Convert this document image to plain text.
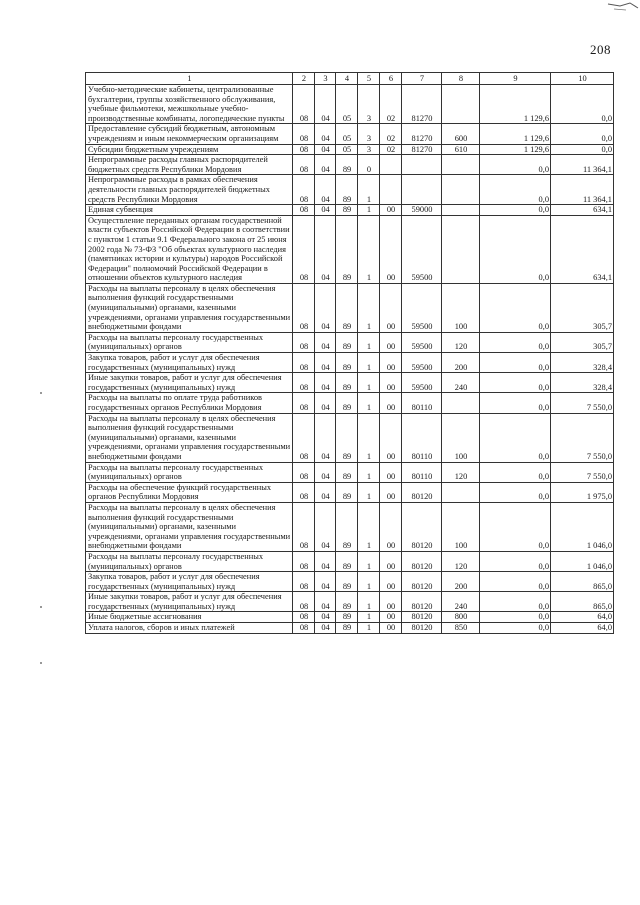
208
1	2	3	4	5	6	7	8	9	10
Учебно-методические кабинеты, централизованные бухгалтерии, группы хозяйственного обслуживания, учебные фильмотеки, межшкольные учебно-производственные комбинаты, логопедические пункты	08	04	05	3	02	81270		1 129,6	0,0
Предоставление субсидий бюджетным, автономным учреждениям и иным некоммерческим организациям	08	04	05	3	02	81270	600	1 129,6	0,0
Субсидии бюджетным учреждениям	08	04	05	3	02	81270	610	1 129,6	0,0
Непрограммные расходы главных распорядителей бюджетных средств Республики Мордовия	08	04	89	0				0,0	11 364,1
Непрограммные расходы в рамках обеспечения деятельности главных распорядителей бюджетных средств Республики Мордовия	08	04	89	1				0,0	11 364,1
Единая субвенция	08	04	89	1	00	59000		0,0	634,1
Осуществление переданных органам государственной власти субъектов Российской Федерации в соответствии с пунктом 1 статьи 9.1 Федерального закона от 25 июня 2002 года № 73-ФЗ "Об объектах культурного наследия (памятниках истории и культуры) народов Российской Федерации" полномочий Российской Федерации в отношении объектов культурного наследия	08	04	89	1	00	59500		0,0	634,1
Расходы на выплаты персоналу в целях обеспечения выполнения функций государственными (муниципальными) органами, казенными учреждениями, органами управления государственными внебюджетными фондами	08	04	89	1	00	59500	100	0,0	305,7
Расходы на выплаты персоналу государственных (муниципальных) органов	08	04	89	1	00	59500	120	0,0	305,7
Закупка товаров, работ и услуг для обеспечения государственных (муниципальных) нужд	08	04	89	1	00	59500	200	0,0	328,4
Иные закупки товаров, работ и услуг для обеспечения государственных (муниципальных) нужд	08	04	89	1	00	59500	240	0,0	328,4
Расходы на выплаты по оплате труда работников государственных органов Республики Мордовия	08	04	89	1	00	80110		0,0	7 550,0
Расходы на выплаты персоналу в целях обеспечения выполнения функций государственными (муниципальными) органами, казенными учреждениями, органами управления государственными внебюджетными фондами	08	04	89	1	00	80110	100	0,0	7 550,0
Расходы на выплаты персоналу государственных (муниципальных) органов	08	04	89	1	00	80110	120	0,0	7 550,0
Расходы на обеспечение функций государственных органов Республики Мордовия	08	04	89	1	00	80120		0,0	1 975,0
Расходы на выплаты персоналу в целях обеспечения выполнения функций государственными (муниципальными) органами, казенными учреждениями, органами управления государственными внебюджетными фондами	08	04	89	1	00	80120	100	0,0	1 046,0
Расходы на выплаты персоналу государственных (муниципальных) органов	08	04	89	1	00	80120	120	0,0	1 046,0
Закупка товаров, работ и услуг для обеспечения государственных (муниципальных) нужд	08	04	89	1	00	80120	200	0,0	865,0
Иные закупки товаров, работ и услуг для обеспечения государственных (муниципальных) нужд	08	04	89	1	00	80120	240	0,0	865,0
Иные бюджетные ассигнования	08	04	89	1	00	80120	800	0,0	64,0
Уплата налогов, сборов и иных платежей	08	04	89	1	00	80120	850	0,0	64,0
